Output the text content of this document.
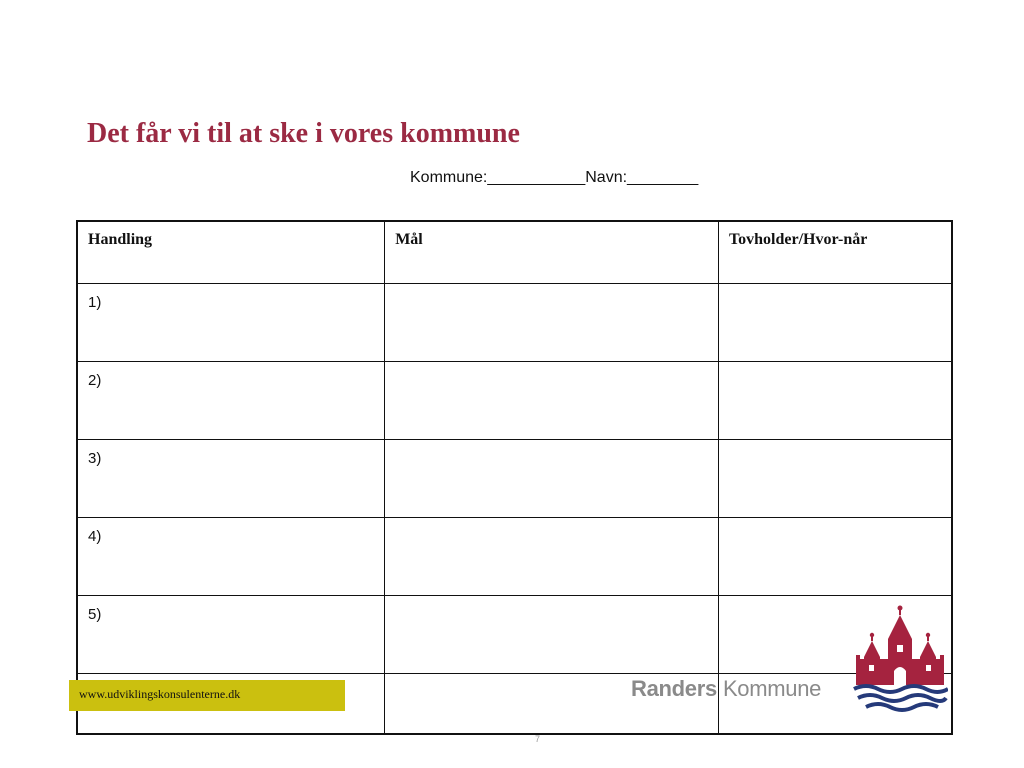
Det får vi til at ske i vores kommune
Kommune:___________Navn:________
Handling	Mål	Tovholder/Hvor-når
1)		
2)		
3)		
4)		
5)		

www.udviklingskonsulenterne.dk	Randers Kommune
7
